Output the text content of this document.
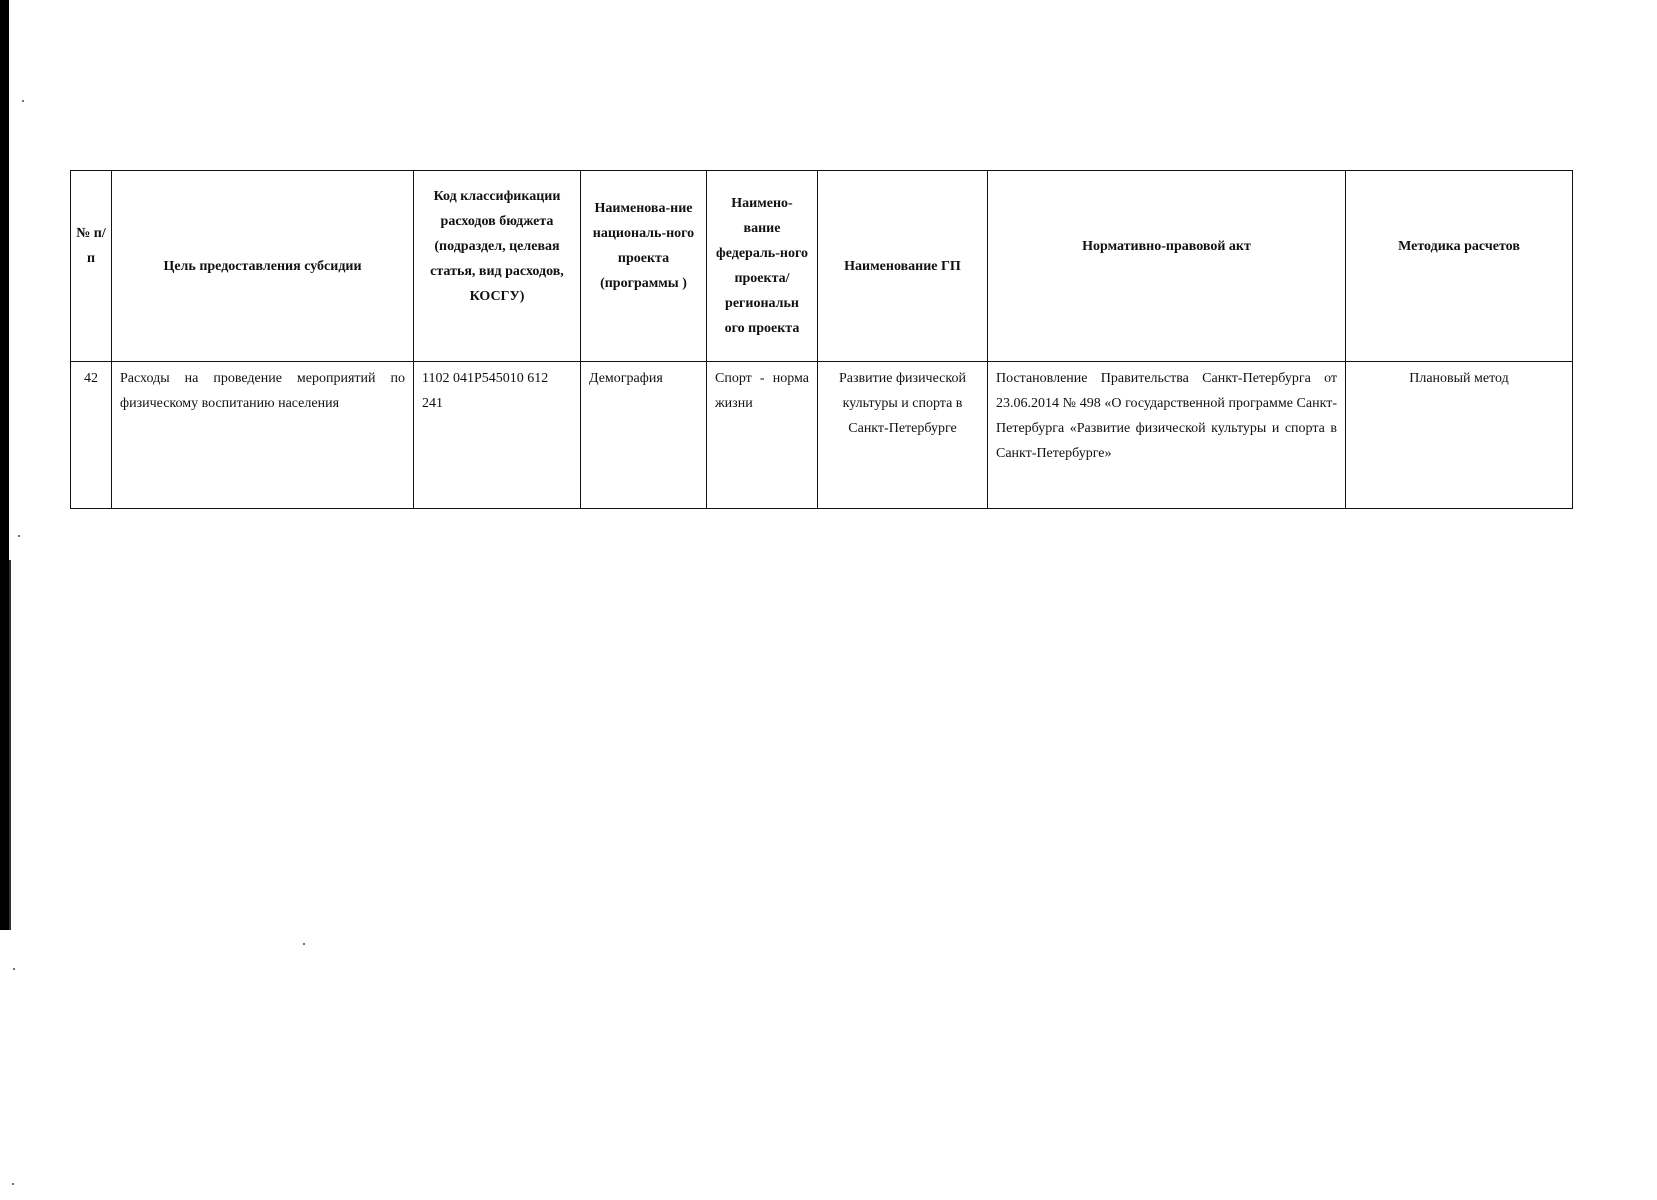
№ п/п	Цель предоставления субсидии	Код классификации расходов бюджета (подраздел, целевая статья, вид расходов, КОСГУ)	Наименова-ние националь-ного проекта (программы )	Наимено-вание федераль-ного проекта/ региональн ого проекта	Наименование ГП	Нормативно-правовой акт	Методика расчетов
42	Расходы на проведение мероприятий по физическому воспитанию населения	1102 041Р545010 612 241	Демография	Спорт - норма жизни	Развитие физической культуры и спорта в Санкт-Петербурге	Постановление Правительства Санкт-Петербурга от 23.06.2014 № 498 «О государственной программе Санкт-Петербурга «Развитие физической культуры и спорта в Санкт-Петербурге»	Плановый метод
